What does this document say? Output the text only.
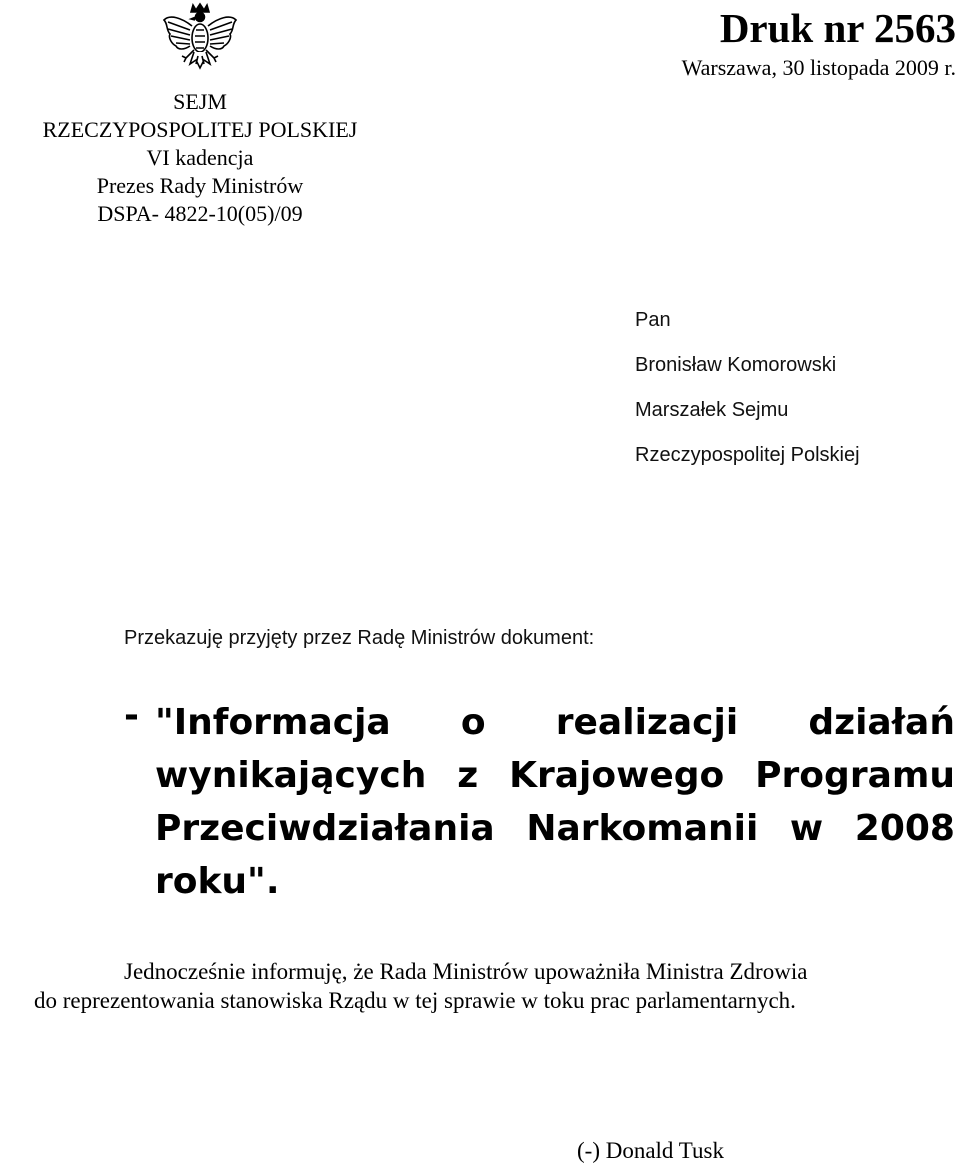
SEJM
RZECZYPOSPOLITEJ POLSKIEJ
VI kadencja
Prezes Rady Ministrów
DSPA- 4822-10(05)/09
Druk nr 2563
Warszawa, 30 listopada 2009 r.
Pan
Bronisław Komorowski
Marszałek Sejmu
Rzeczypospolitej Polskiej
Przekazuję przyjęty przez Radę Ministrów dokument:
- "Informacja o realizacji działań
wynikających z Krajowego Programu
Przeciwdziałania Narkomanii w 2008
roku".
Jednocześnie informuję, że Rada Ministrów upoważniła Ministra Zdrowia
do reprezentowania stanowiska Rządu w tej sprawie w toku prac parlamentarnych.
(-) Donald Tusk
